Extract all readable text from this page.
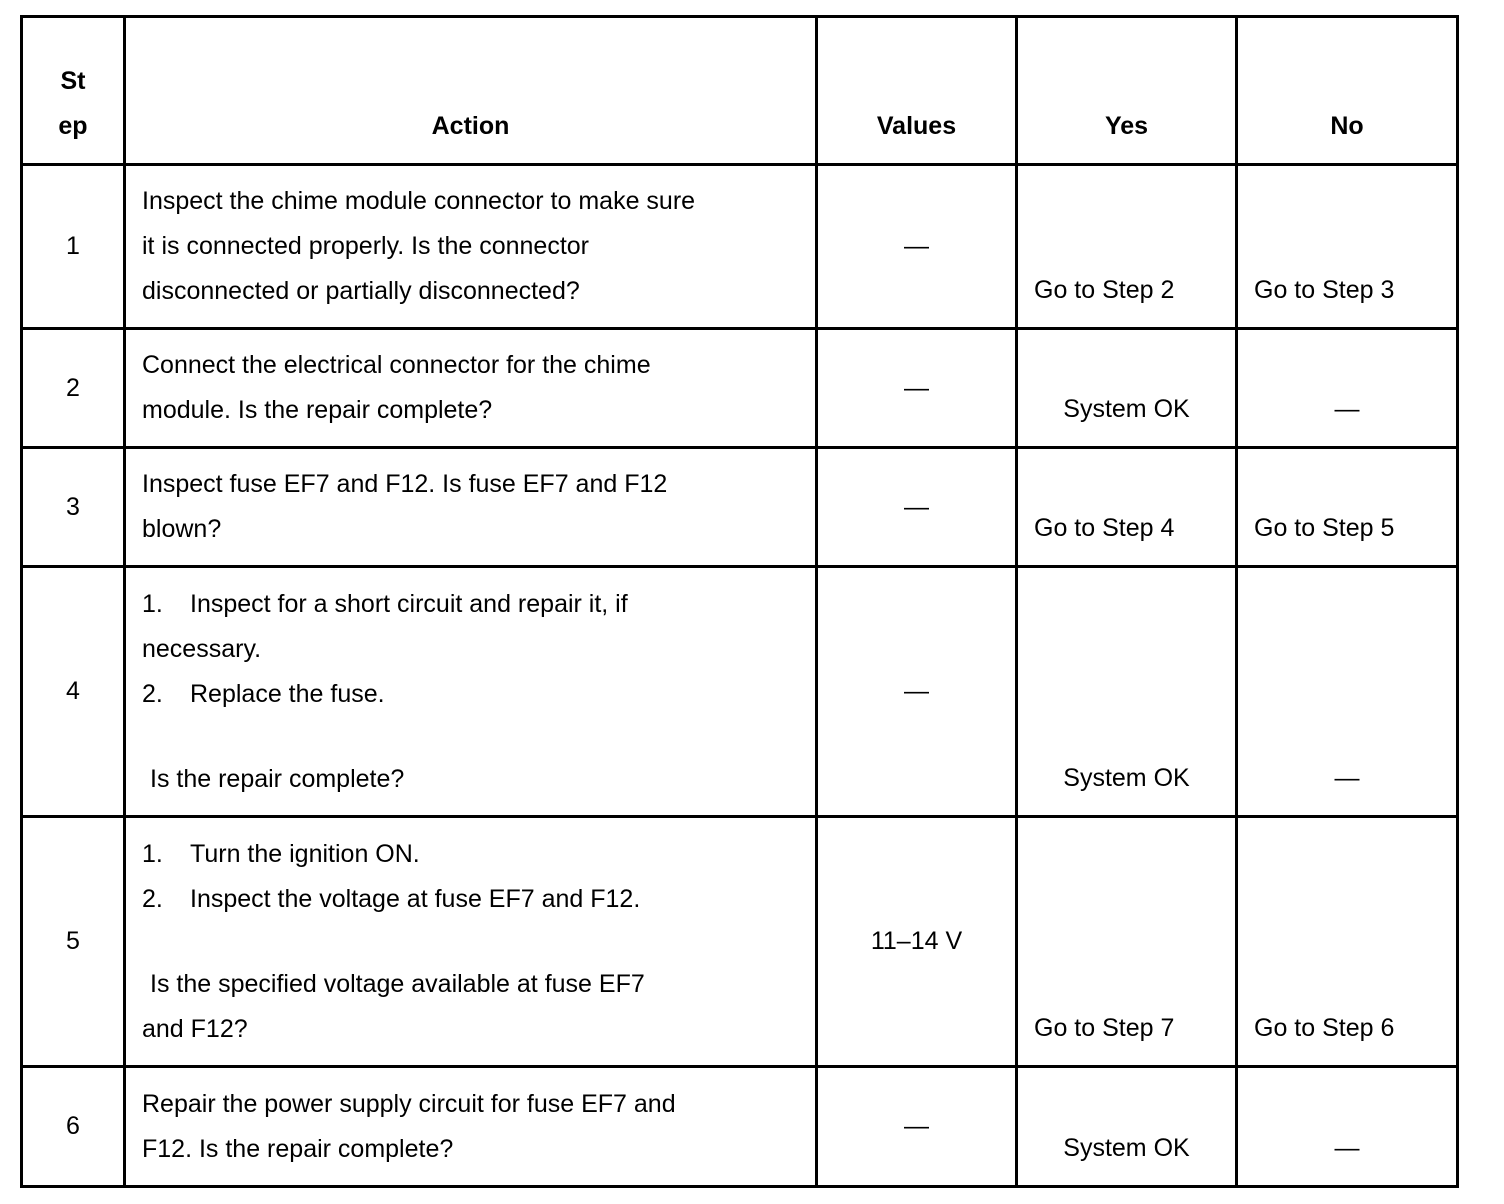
St
ep	Action	Values	Yes	No
1	Inspect the chime module connector to make sure
it is connected properly. Is the connector
disconnected or partially disconnected?	—	Go to Step 2	Go to Step 3
2	Connect the electrical connector for the chime
module. Is the repair complete?	—	System OK	—
3	Inspect fuse EF7 and F12. Is fuse EF7 and F12
blown?	—	Go to Step 4	Go to Step 5
4	1. Inspect for a short circuit and repair it, if
necessary.
2. Replace the fuse.
Is the repair complete?	—	System OK	—
5	1. Turn the ignition ON.
2. Inspect the voltage at fuse EF7 and F12.
Is the specified voltage available at fuse EF7
and F12?	11–14 V	Go to Step 7	Go to Step 6
6	Repair the power supply circuit for fuse EF7 and
F12. Is the repair complete?	—	System OK	—
